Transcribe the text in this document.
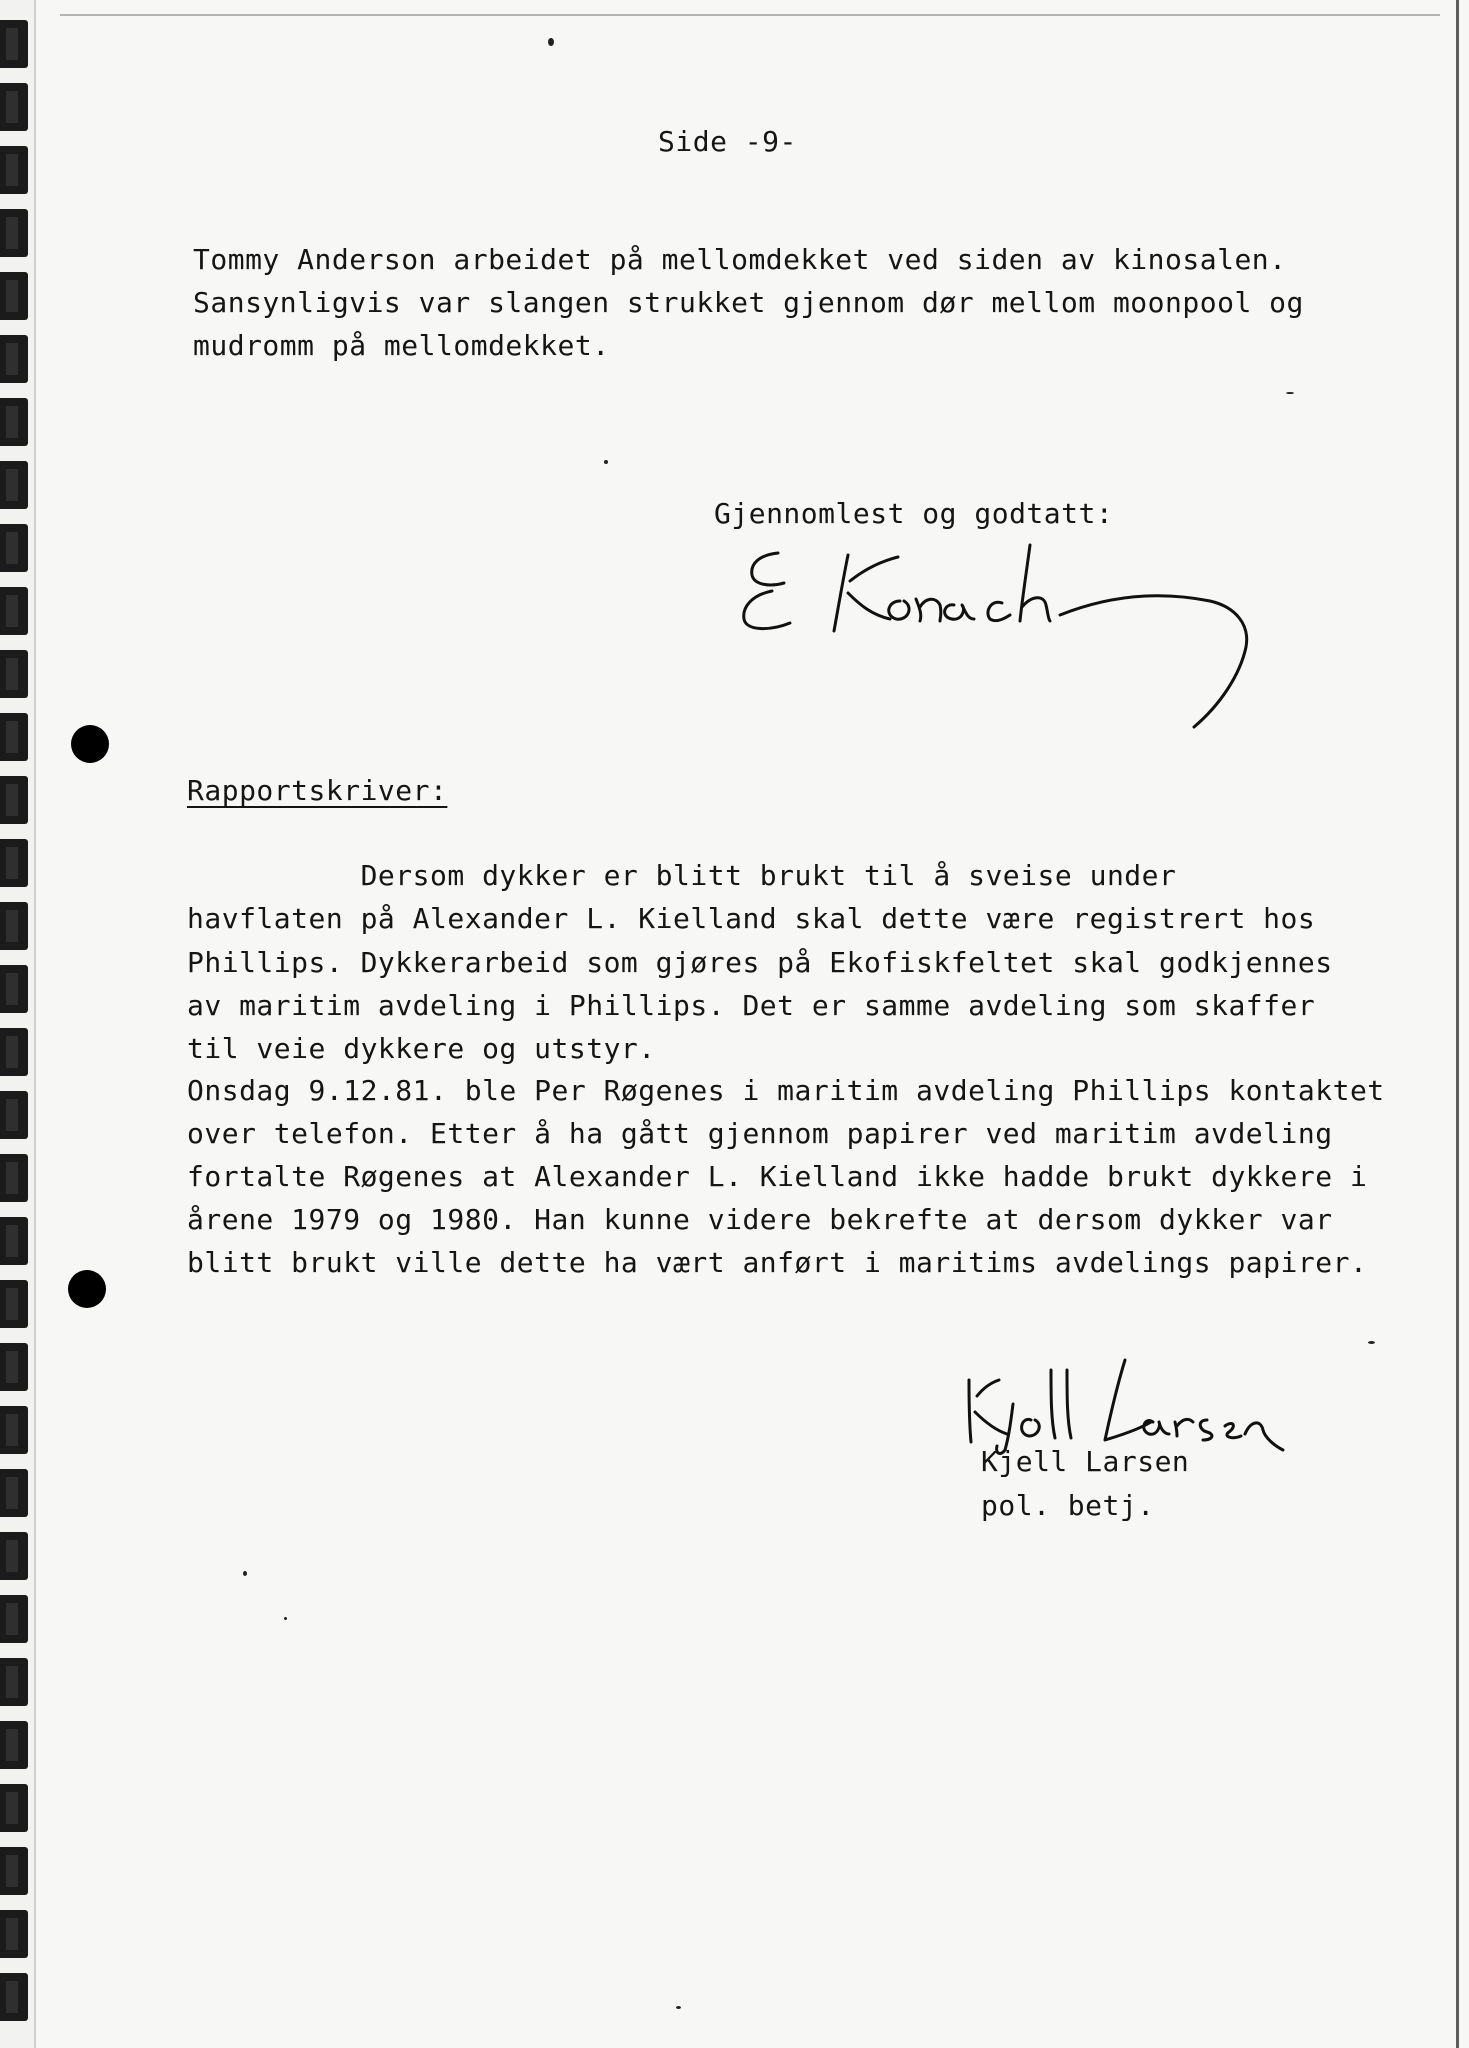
Side -9-
Tommy Anderson arbeidet på mellomdekket ved siden av kinosalen.
Sansynligvis var slangen strukket gjennom dør mellom moonpool og
mudromm på mellomdekket.
Gjennomlest og godtatt:
Rapportskriver:
Dersom dykker er blitt brukt til å sveise under
havflaten på Alexander L. Kielland skal dette være registrert hos
Phillips. Dykkerarbeid som gjøres på Ekofiskfeltet skal godkjennes
av maritim avdeling i Phillips. Det er samme avdeling som skaffer
til veie dykkere og utstyr.
Onsdag 9.12.81. ble Per Røgenes i maritim avdeling Phillips kontaktet
over telefon. Etter å ha gått gjennom papirer ved maritim avdeling
fortalte Røgenes at Alexander L. Kielland ikke hadde brukt dykkere i
årene 1979 og 1980. Han kunne videre bekrefte at dersom dykker var
blitt brukt ville dette ha vært anført i maritims avdelings papirer.
Kjell Larsen
pol. betj.
